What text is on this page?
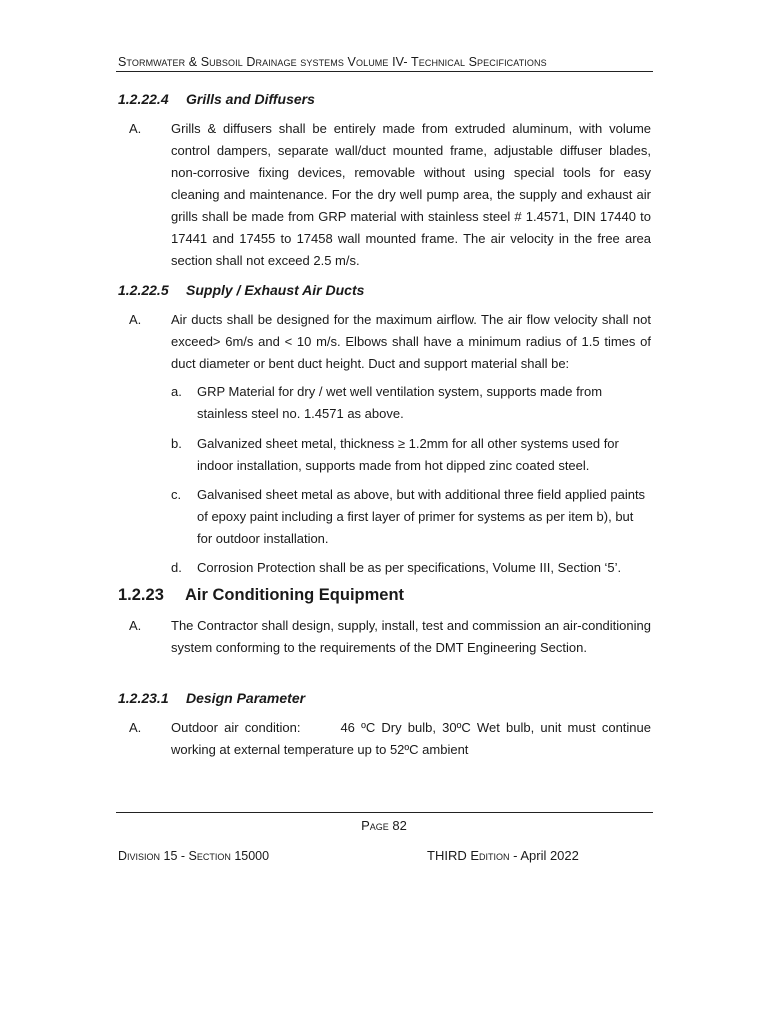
Stormwater & Subsoil Drainage systems Volume IV- Technical Specifications
1.2.22.4 Grills and Diffusers
A. Grills & diffusers shall be entirely made from extruded aluminum, with volume control dampers, separate wall/duct mounted frame, adjustable diffuser blades, non-corrosive fixing devices, removable without using special tools for easy cleaning and maintenance. For the dry well pump area, the supply and exhaust air grills shall be made from GRP material with stainless steel # 1.4571, DIN 17440 to 17441 and 17455 to 17458 wall mounted frame. The air velocity in the free area section shall not exceed 2.5 m/s.

1.2.22.5 Supply / Exhaust Air Ducts
A. Air ducts shall be designed for the maximum airflow. The air flow velocity shall not exceed> 6m/s and < 10 m/s. Elbows shall have a minimum radius of 1.5 times of duct diameter or bent duct height. Duct and support material shall be:

a. GRP Material for dry / wet well ventilation system, supports made from stainless steel no. 1.4571 as above.

b. Galvanized sheet metal, thickness ≥ 1.2mm for all other systems used for indoor installation, supports made from hot dipped zinc coated steel.

c. Galvanised sheet metal as above, but with additional three field applied paints of epoxy paint including a first layer of primer for systems as per item b), but for outdoor installation.

d. Corrosion Protection shall be as per specifications, Volume III, Section ‘5’.

1.2.23 Air Conditioning Equipment
A. The Contractor shall design, supply, install, test and commission an air-conditioning system conforming to the requirements of the DMT Engineering Section.

1.2.23.1 Design Parameter
A. Outdoor air condition:	46 ºC Dry bulb, 30ºC Wet bulb, unit must continue working at external temperature up to 52ºC ambient

Page 82
Division 15 - Section 15000	THIRD Edition - April 2022
